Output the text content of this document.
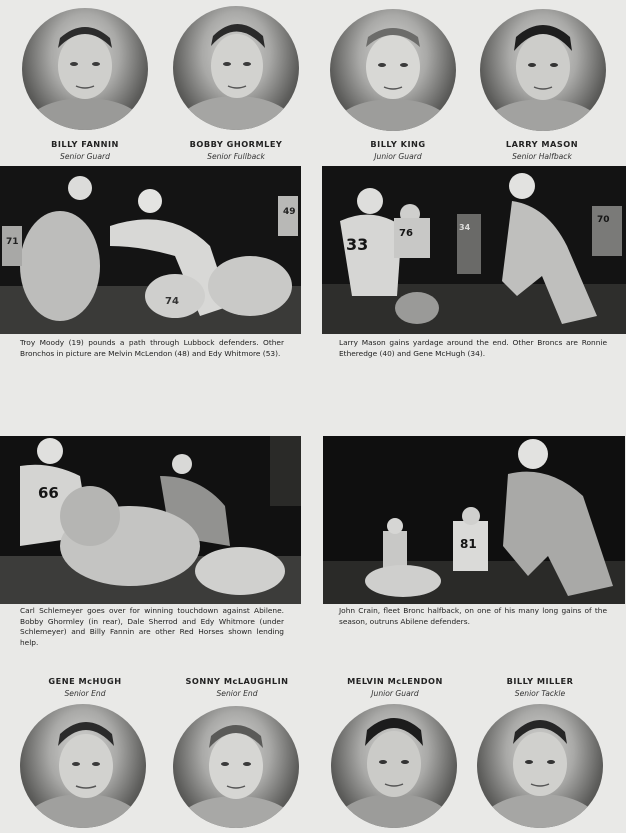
BILLY FANNIN
Senior Guard
BOBBY GHORMLEY
Senior Fullback
BILLY KING
Junior Guard
LARRY MASON
Senior Halfback
49
71
74
Troy Moody (19) pounds a path through Lubbock defenders. Other Bronchos in picture are Melvin McLendon (48) and Edy Whitmore (53).
33
76
34
70
Larry Mason gains yardage around the end. Other Broncs are Ronnie Etheredge (40) and Gene McHugh (34).
66
Carl Schlemeyer goes over for winning touchdown against Abilene. Bobby Ghormley (in rear), Dale Sherrod and Edy Whitmore (under Schlemeyer) and Billy Fannin are other Red Horses shown lending help.
81
John Crain, fleet Bronc halfback, on one of his many long gains of the season, outruns Abilene defenders.
GENE McHUGH
Senior End
SONNY McLAUGHLIN
Senior End
MELVIN McLENDON
Junior Guard
BILLY MILLER
Senior Tackle
